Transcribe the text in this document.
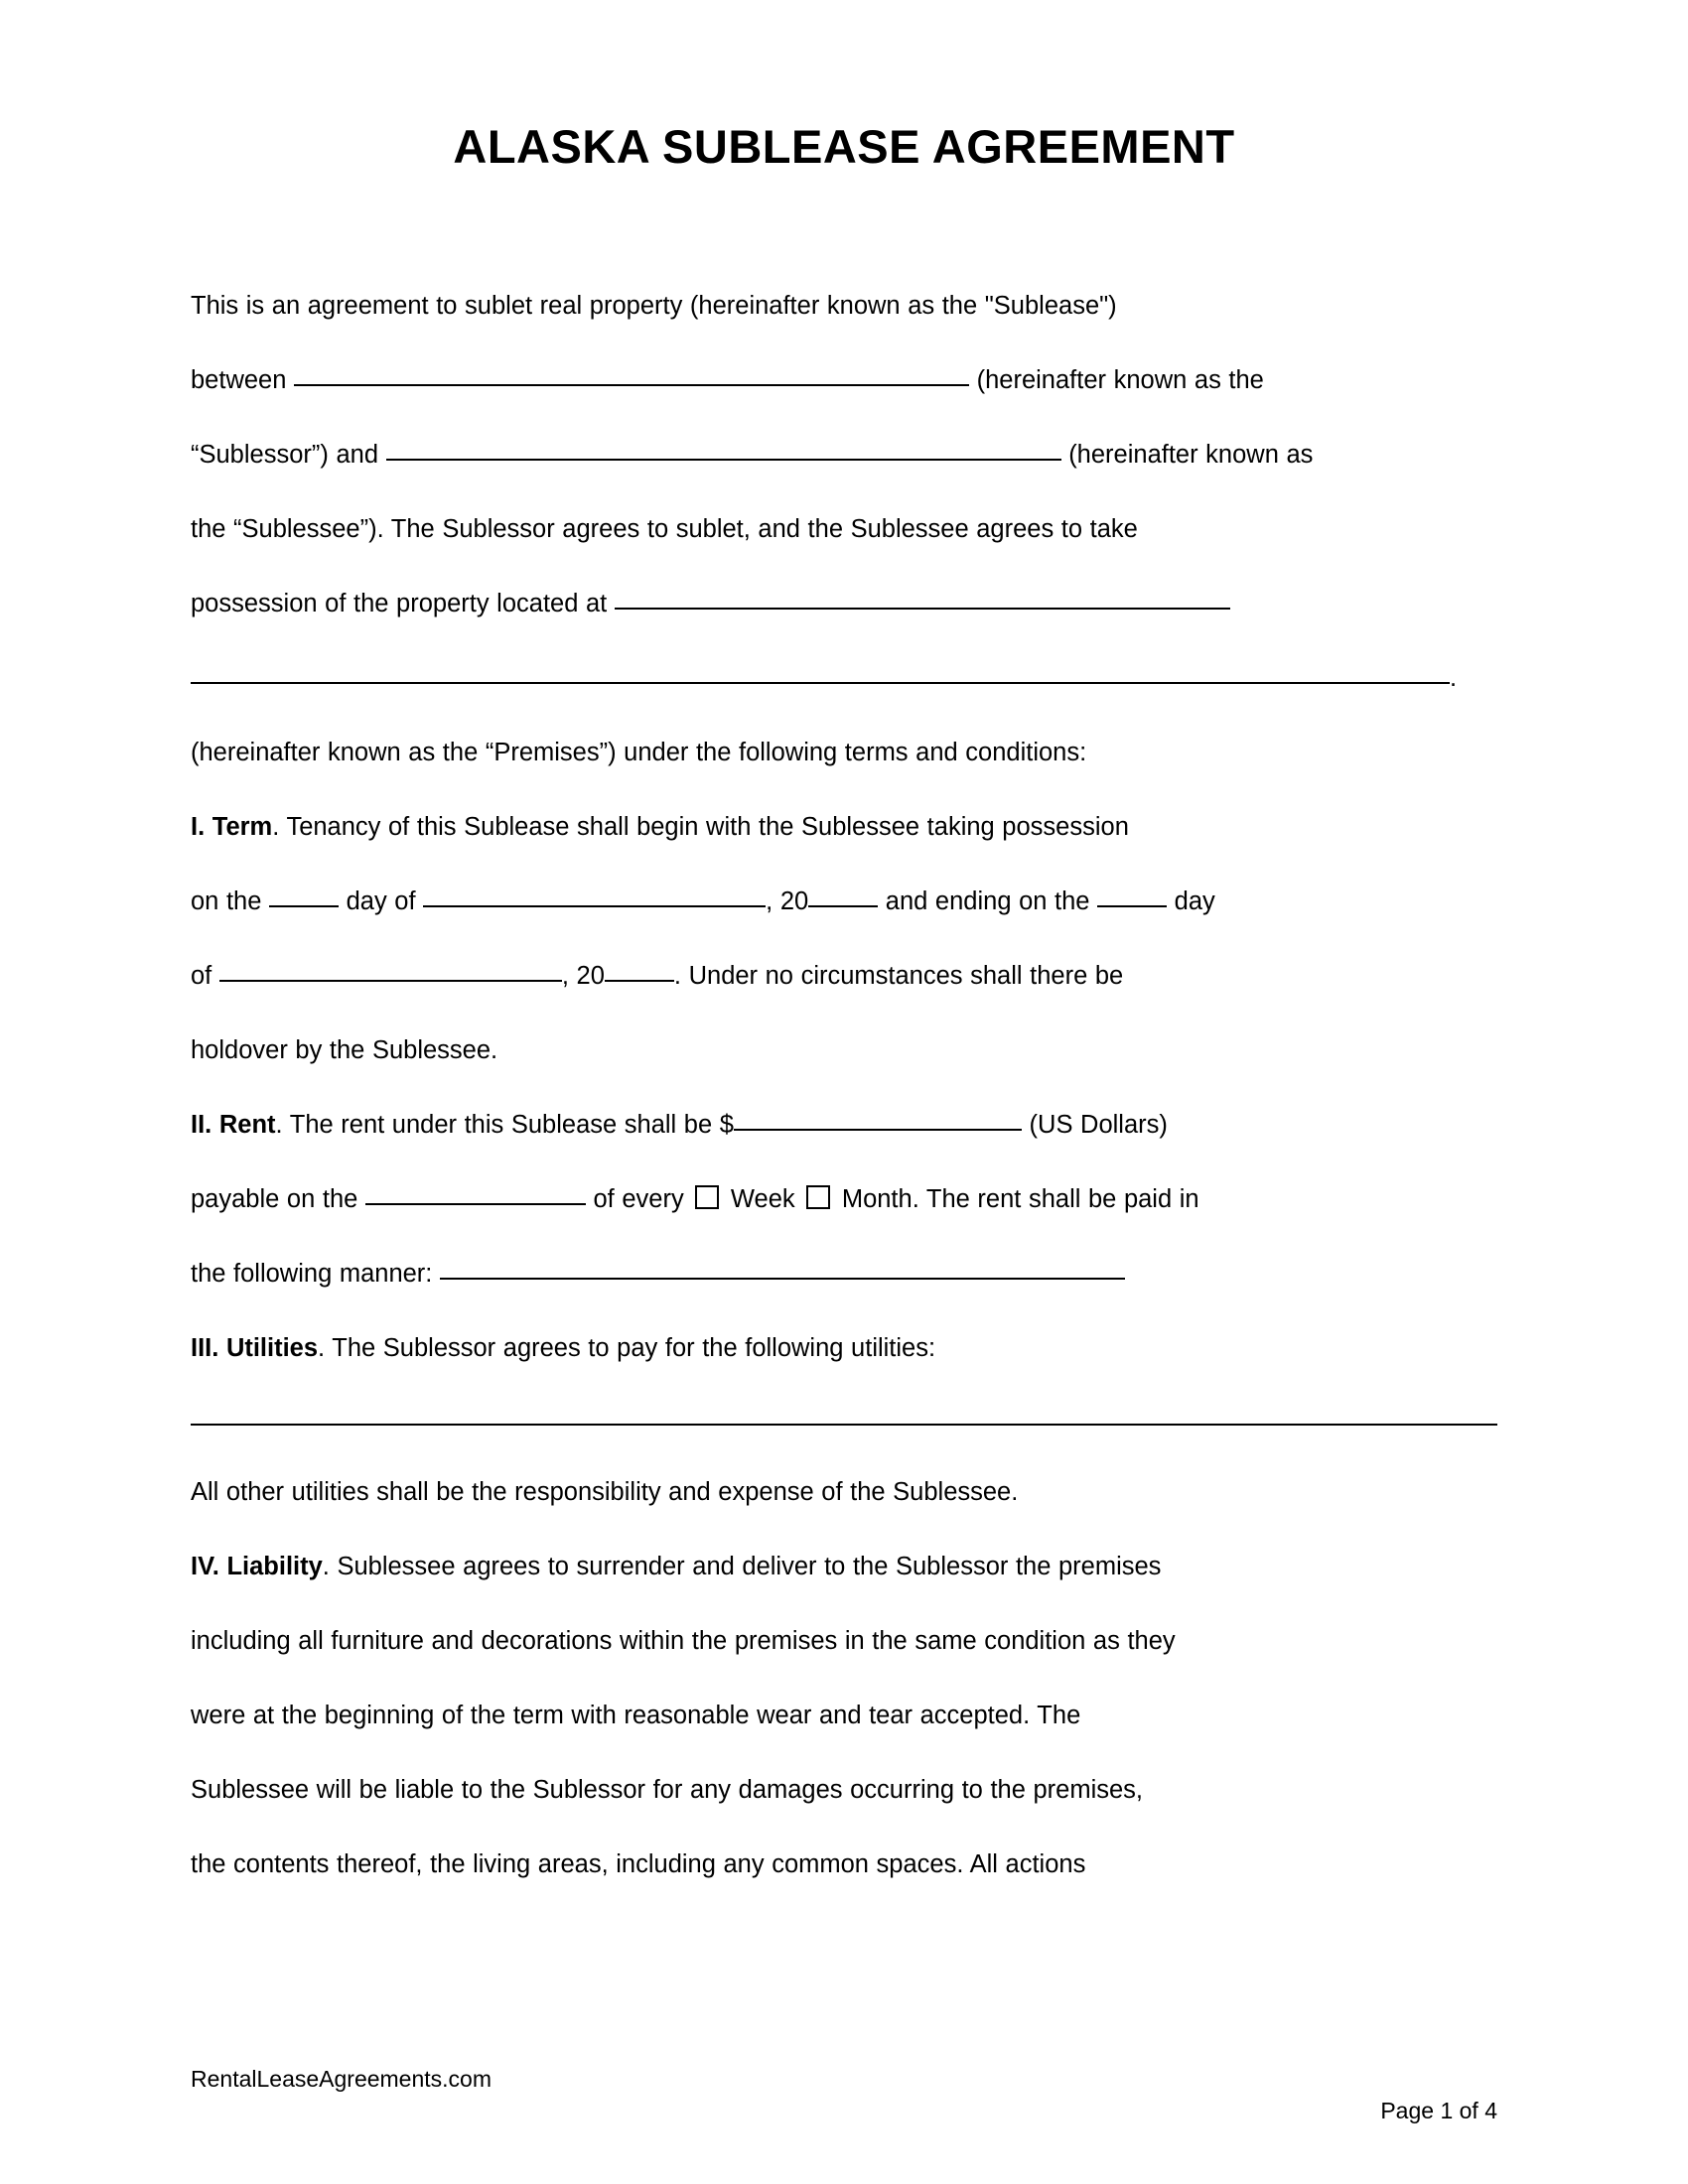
ALASKA SUBLEASE AGREEMENT

This is an agreement to sublet real property (hereinafter known as the "Sublease")

between	(hereinafter known as the

“Sublessor”) and	(hereinafter known as

the “Sublessee”). The Sublessor agrees to sublet, and the Sublessee agrees to take

possession of the property located at

.

(hereinafter known as the “Premises”) under the following terms and conditions:

I. Term. Tenancy of this Sublease shall begin with the Sublessee taking possession

on the	day of	, 20	and ending on the	day

of	, 20	. Under no circumstances shall there be

holdover by the Sublessee.

II. Rent. The rent under this Sublease shall be $	(US Dollars)

payable on the	of every Week Month. The rent shall be paid in

the following manner:

III. Utilities. The Sublessor agrees to pay for the following utilities:

All other utilities shall be the responsibility and expense of the Sublessee.

IV. Liability. Sublessee agrees to surrender and deliver to the Sublessor the premises

including all furniture and decorations within the premises in the same condition as they

were at the beginning of the term with reasonable wear and tear accepted. The

Sublessee will be liable to the Sublessor for any damages occurring to the premises,

the contents thereof, the living areas, including any common spaces. All actions

RentalLeaseAgreements.com
Page 1 of 4
